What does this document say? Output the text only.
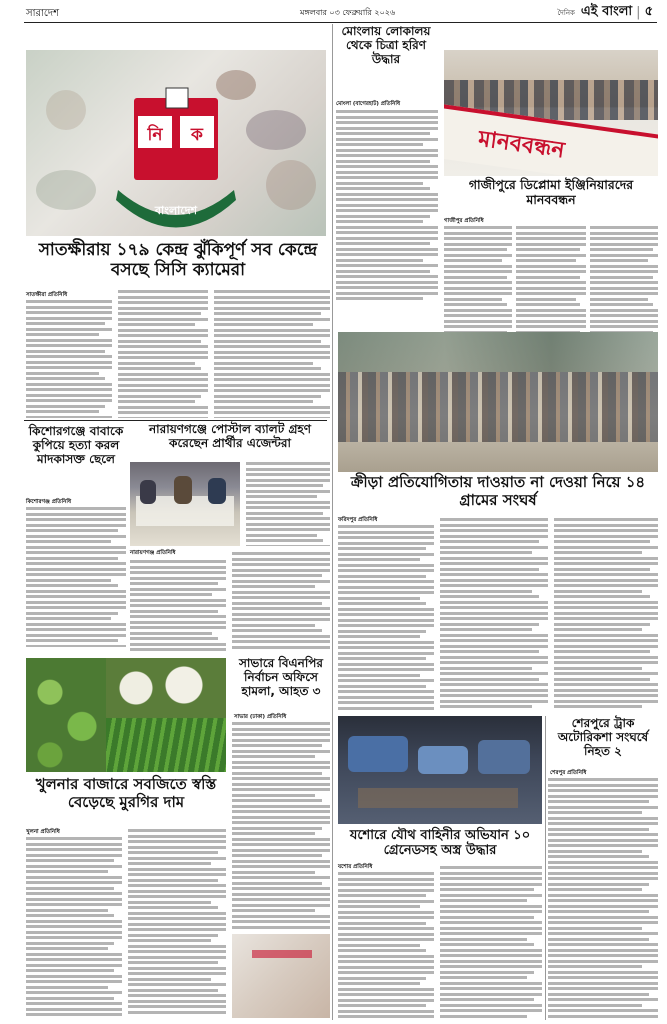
সারাদেশ	মঙ্গলবার ০৩ ফেব্রুয়ারি ২০২৬	দৈনিক এই বাংলা | ৫
নি	ক
বাংলাদেশ
মোংলায় লোকালয় থেকে চিত্রা হরিণ উদ্ধার
মোংলা (বাগেরহাট) প্রতিনিধি
মানববন্ধন
গাজীপুরে ডিপ্লোমা ইঞ্জিনিয়ারদের মানববন্ধন
গাজীপুর প্রতিনিধি
সাতক্ষীরায় ১৭৯ কেন্দ্র ঝুঁকিপূর্ণ সব কেন্দ্রে বসছে সিসি ক্যামেরা
সাতক্ষীরা প্রতিনিধি
কিশোরগঞ্জে বাবাকে কুপিয়ে হত্যা করল মাদকাসক্ত ছেলে
কিশোরগঞ্জ প্রতিনিধি
নারায়ণগঞ্জে পোস্টাল ব্যালট গ্রহণ করেছেন প্রার্থীর এজেন্টরা
নারায়ণগঞ্জ প্রতিনিধি
ক্রীড়া প্রতিযোগিতায় দাওয়াত না দেওয়া নিয়ে ১৪ গ্রামের সংঘর্ষ
ফরিদপুর প্রতিনিধি
সাভারে বিএনপির নির্বাচন অফিসে হামলা, আহত ৩
সাভার (ঢাকা) প্রতিনিধি
খুলনার বাজারে সবজিতে স্বস্তি বেড়েছে মুরগির দাম
খুলনা প্রতিনিধি
শেরপুরে ট্রাক অটোরিকশা সংঘর্ষে নিহত ২
শেরপুর প্রতিনিধি
যশোরে যৌথ বাহিনীর অভিযান ১০ গ্রেনেডসহ অস্ত্র উদ্ধার
যশোর প্রতিনিধি
